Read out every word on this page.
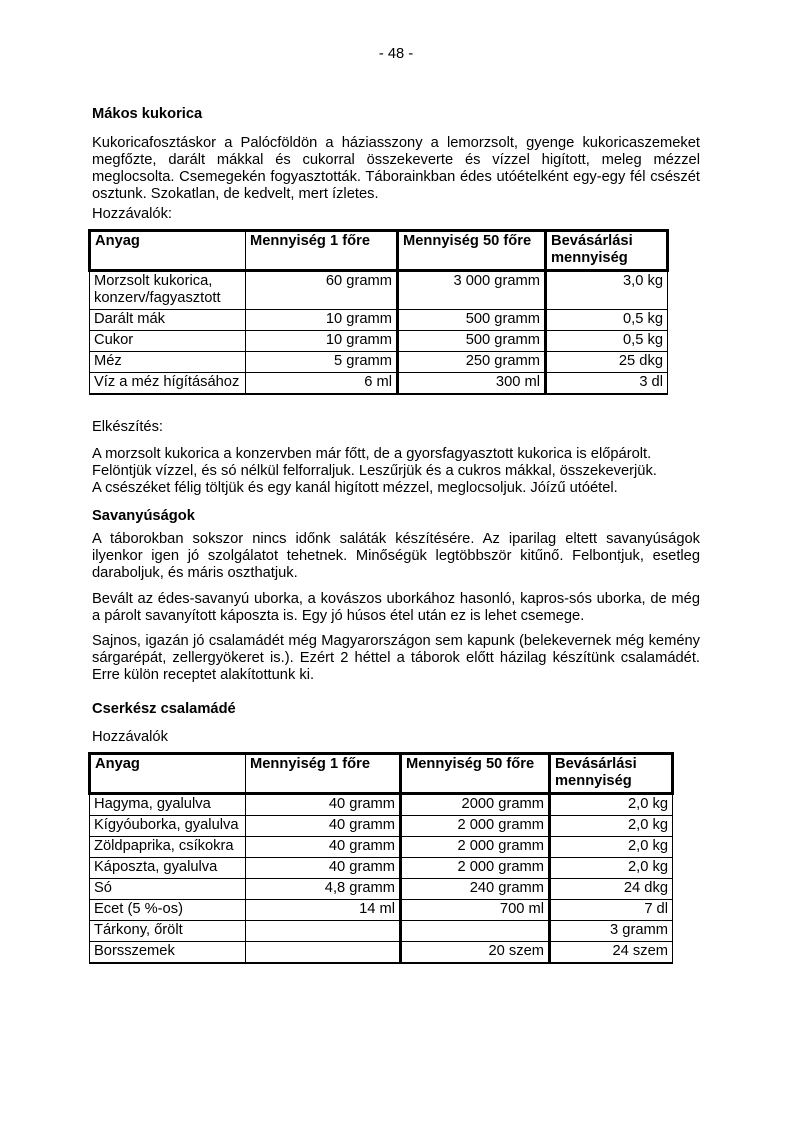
- 48 -

Mákos kukorica

Kukoricafosztáskor a Palócföldön a háziasszony a lemorzsolt, gyenge kukoricaszemeket megfőzte, darált mákkal és cukorral összekeverte és vízzel higított, meleg mézzel meglocsolta. Csemegekén fogyasztották. Táborainkban édes utóételként egy-egy fél csészét osztunk. Szokatlan, de kedvelt, mert ízletes.

Hozzávalók:

Anyag	Mennyiség 1 főre	Mennyiség 50 főre	Bevásárlási mennyiség
Morzsolt kukorica, konzerv/fagyasztott	60 gramm	3 000 gramm	3,0 kg
Darált mák	10 gramm	500 gramm	0,5 kg
Cukor	10 gramm	500 gramm	0,5 kg
Méz	5 gramm	250 gramm	25 dkg
Víz a méz hígításához	6 ml	300 ml	3 dl

Elkészítés:

A morzsolt kukorica a konzervben már főtt, de a gyorsfagyasztott kukorica is előpárolt.
Felöntjük vízzel, és só nélkül felforraljuk. Leszűrjük és a cukros mákkal, összekeverjük.
A csészéket félig töltjük és egy kanál higított mézzel, meglocsoljuk. Jóízű utóétel.

Savanyúságok

A táborokban sokszor nincs időnk saláták készítésére. Az iparilag eltett savanyúságok ilyenkor igen jó szolgálatot tehetnek. Minőségük legtöbbször kitűnő. Felbontjuk, esetleg daraboljuk, és máris oszthatjuk.

Bevált az édes-savanyú uborka, a kovászos uborkához hasonló, kapros-sós uborka, de még a párolt savanyított káposzta is. Egy jó húsos étel után ez is lehet csemege.

Sajnos, igazán jó csalamádét még Magyarországon sem kapunk (belekevernek még kemény sárgarépát, zellergyökeret is.). Ezért 2 héttel a táborok előtt házilag készítünk csalamádét. Erre külön receptet alakítottunk ki.

Cserkész csalamádé

Hozzávalók

Anyag	Mennyiség 1 főre	Mennyiség 50 főre	Bevásárlási mennyiség
Hagyma, gyalulva	40 gramm	2000 gramm	2,0 kg
Kígyóuborka, gyalulva	40 gramm	2 000 gramm	2,0 kg
Zöldpaprika, csíkokra	40 gramm	2 000 gramm	2,0 kg
Káposzta, gyalulva	40 gramm	2 000 gramm	2,0 kg
Só	4,8 gramm	240 gramm	24 dkg
Ecet (5 %-os)	14 ml	700 ml	7 dl
Tárkony, őrölt			3 gramm
Borsszemek		20 szem	24 szem
